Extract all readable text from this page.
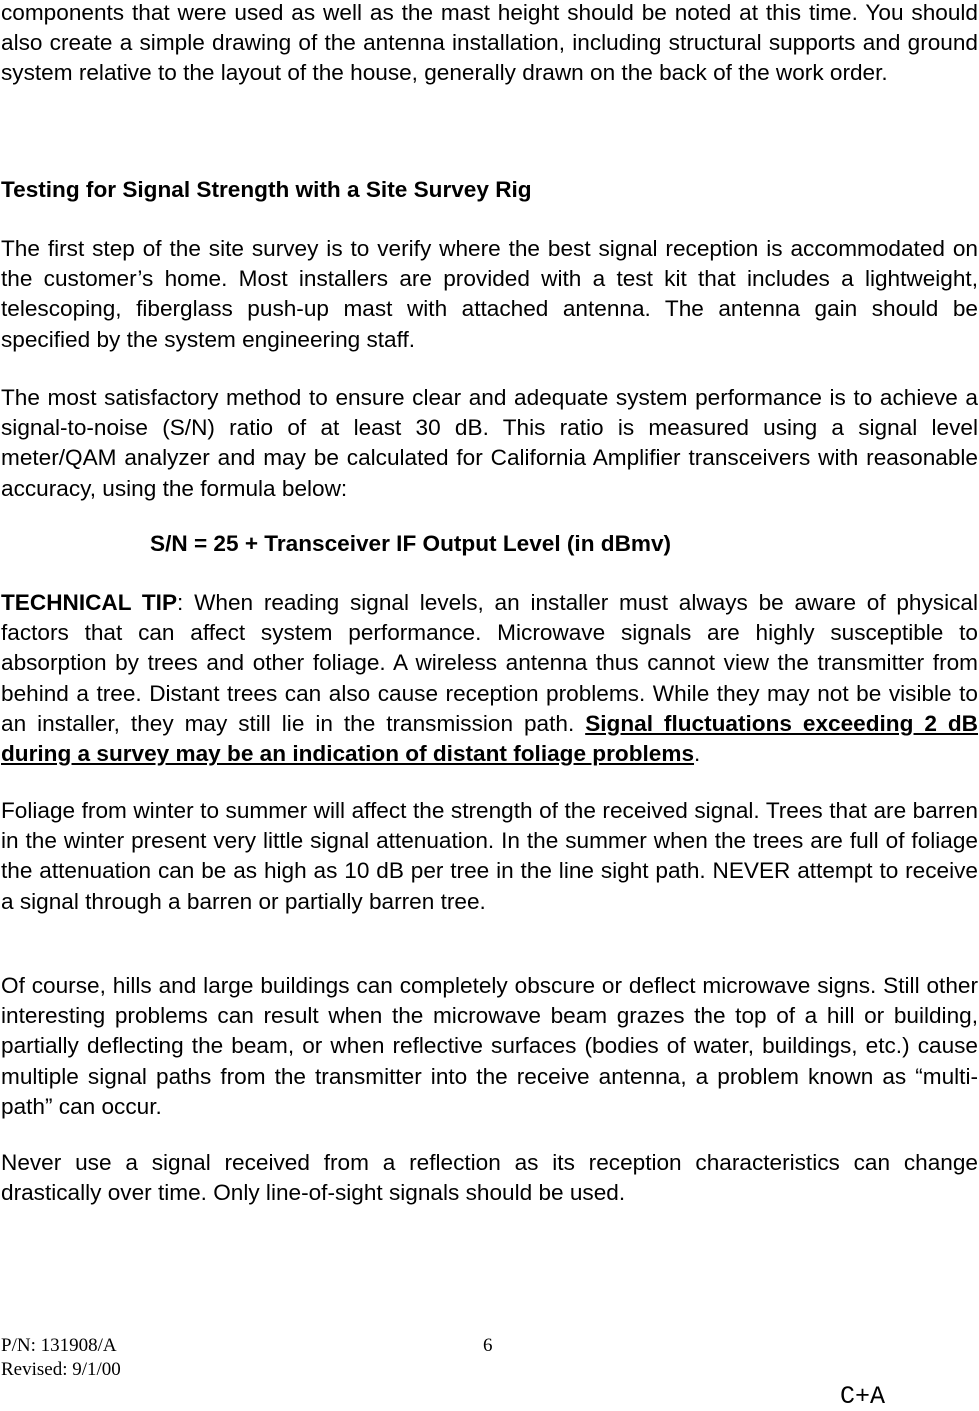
components that were used as well as the mast height should be noted at this time. You should also create a simple drawing of the antenna installation, including structural supports and ground system relative to the layout of the house, generally drawn on the back of the work order.

Testing for Signal Strength with a Site Survey Rig

The first step of the site survey is to verify where the best signal reception is accommodated on the customer’s home. Most installers are provided with a test kit that includes a lightweight, telescoping, fiberglass push-up mast with attached antenna. The antenna gain should be specified by the system engineering staff.

The most satisfactory method to ensure clear and adequate system performance is to achieve a signal-to-noise (S/N) ratio of at least 30 dB. This ratio is measured using a signal level meter/QAM analyzer and may be calculated for California Amplifier transceivers with reasonable accuracy, using the formula below:

S/N = 25 + Transceiver IF Output Level (in dBmv)

TECHNICAL TIP: When reading signal levels, an installer must always be aware of physical factors that can affect system performance. Microwave signals are highly susceptible to absorption by trees and other foliage. A wireless antenna thus cannot view the transmitter from behind a tree. Distant trees can also cause reception problems. While they may not be visible to an installer, they may still lie in the transmission path. Signal fluctuations exceeding 2 dB during a survey may be an indication of distant foliage problems.

Foliage from winter to summer will affect the strength of the received signal. Trees that are barren in the winter present very little signal attenuation. In the summer when the trees are full of foliage the attenuation can be as high as 10 dB per tree in the line sight path. NEVER attempt to receive a signal through a barren or partially barren tree.

Of course, hills and large buildings can completely obscure or deflect microwave signs. Still other interesting problems can result when the microwave beam grazes the top of a hill or building, partially deflecting the beam, or when reflective surfaces (bodies of water, buildings, etc.) cause multiple signal paths from the transmitter into the receive antenna, a problem known as “multi-path” can occur.

Never use a signal received from a reflection as its reception characteristics can change drastically over time. Only line-of-sight signals should be used.

P/N: 131908/A
Revised: 9/1/00
6
C+A
